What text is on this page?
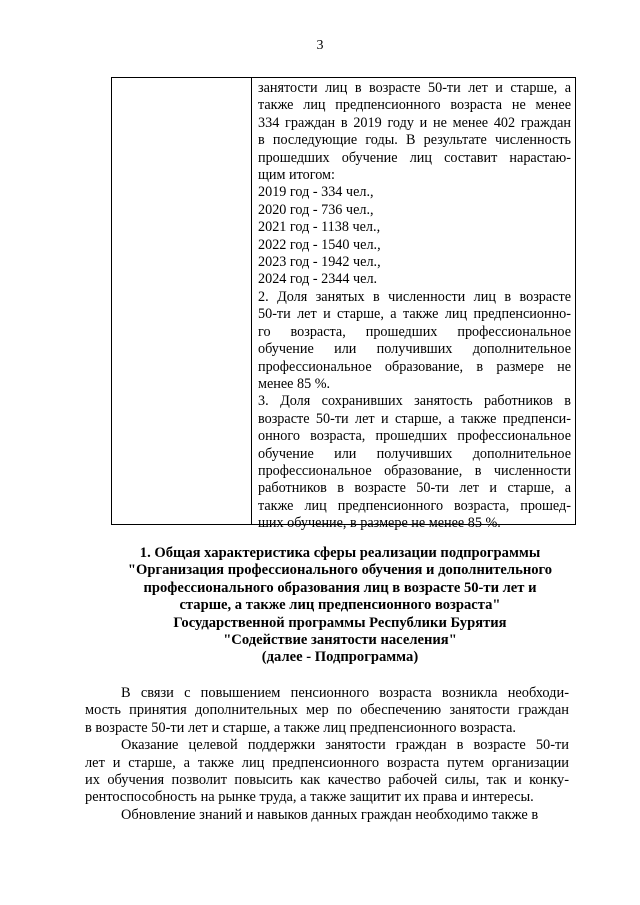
3
занятости лиц в возрасте 50-ти лет и старше, а
также лиц предпенсионного возраста не менее
334 граждан в 2019 году и не менее 402 граждан
в последующие годы. В результате численность
прошедших обучение лиц составит нарастаю-
щим итогом:
2019 год - 334 чел.,
2020 год - 736 чел.,
2021 год - 1138 чел.,
2022 год - 1540 чел.,
2023 год - 1942 чел.,
2024 год - 2344 чел.
2. Доля занятых в численности лиц в возрасте
50-ти лет и старше, а также лиц предпенсионно-
го возраста, прошедших профессиональное
обучение или получивших дополнительное
профессиональное образование, в размере не
менее 85 %.
3. Доля сохранивших занятость работников в
возрасте 50-ти лет и старше, а также предпенси-
онного возраста, прошедших профессиональное
обучение или получивших дополнительное
профессиональное образование, в численности
работников в возрасте 50-ти лет и старше, а
также лиц предпенсионного возраста, прошед-
ших обучение, в размере не менее 85 %.
1. Общая характеристика сферы реализации подпрограммы
"Организация профессионального обучения и дополнительного
профессионального образования лиц в возрасте 50-ти лет и
старше, а также лиц предпенсионного возраста"
Государственной программы Республики Бурятия
"Содействие занятости населения"
(далее - Подпрограмма)
В связи с повышением пенсионного возраста возникла необходи-
мость принятия дополнительных мер по обеспечению занятости граждан
в возрасте 50-ти лет и старше, а также лиц предпенсионного возраста.
Оказание целевой поддержки занятости граждан в возрасте 50-ти
лет и старше, а также лиц предпенсионного возраста путем организации
их обучения позволит повысить как качество рабочей силы, так и конку-
рентоспособность на рынке труда, а также защитит их права и интересы.
Обновление знаний и навыков данных граждан необходимо также в
